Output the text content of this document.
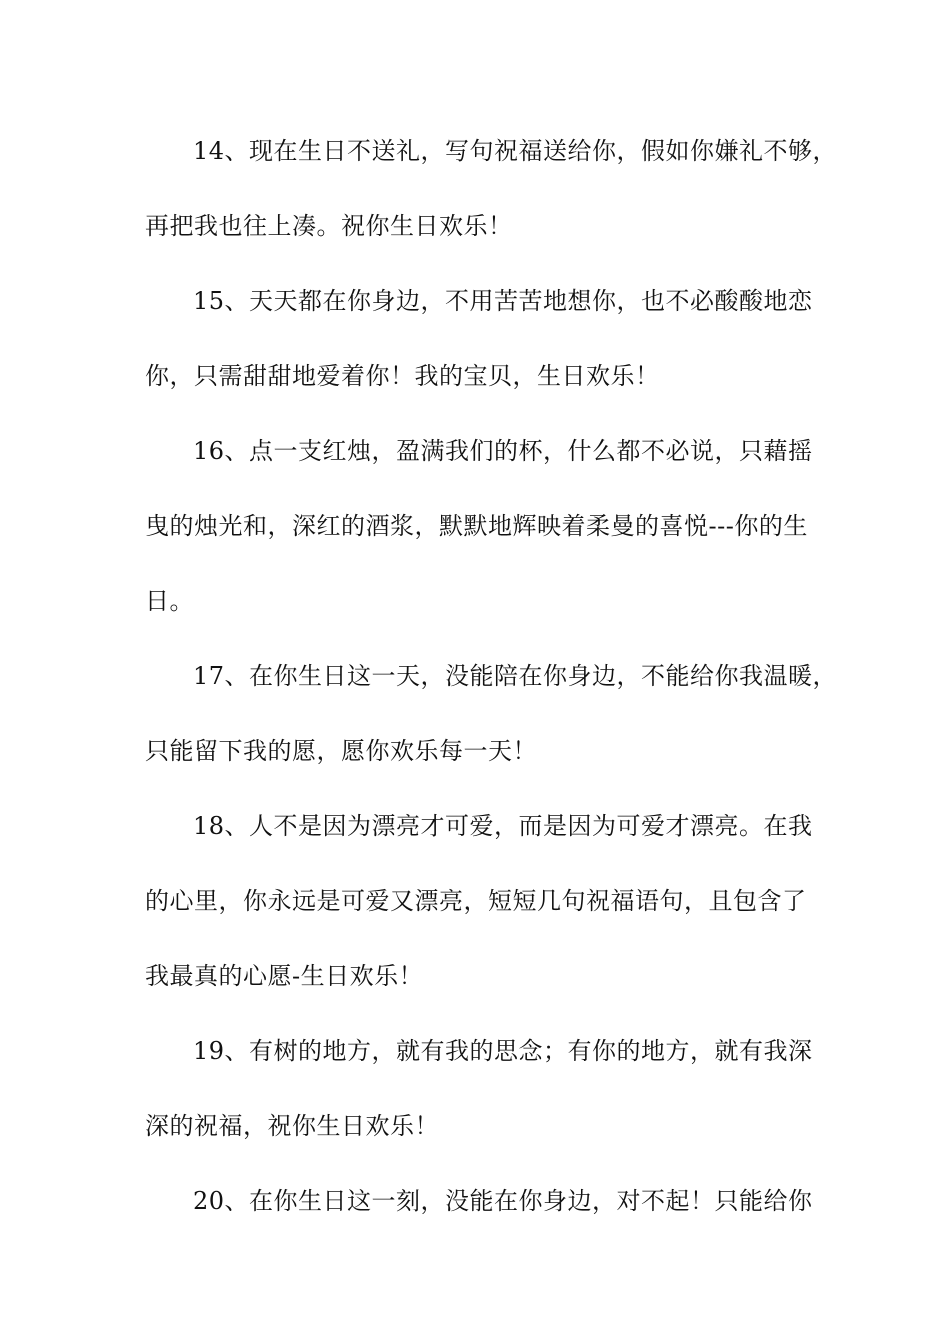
14、现在生日不送礼，写句祝福送给你，假如你嫌礼不够，
再把我也往上凑。祝你生日欢乐！
15、天天都在你身边，不用苦苦地想你，也不必酸酸地恋
你，只需甜甜地爱着你！我的宝贝，生日欢乐！
16、点一支红烛，盈满我们的杯，什么都不必说，只藉摇
曳的烛光和，深红的酒浆，默默地辉映着柔曼的喜悦---你的生
日。
17、在你生日这一天，没能陪在你身边，不能给你我温暖，
只能留下我的愿，愿你欢乐每一天！
18、人不是因为漂亮才可爱，而是因为可爱才漂亮。在我
的心里，你永远是可爱又漂亮，短短几句祝福语句，且包含了
我最真的心愿-生日欢乐！
19、有树的地方，就有我的思念；有你的地方，就有我深
深的祝福，祝你生日欢乐！
20、在你生日这一刻，没能在你身边，对不起！只能给你
